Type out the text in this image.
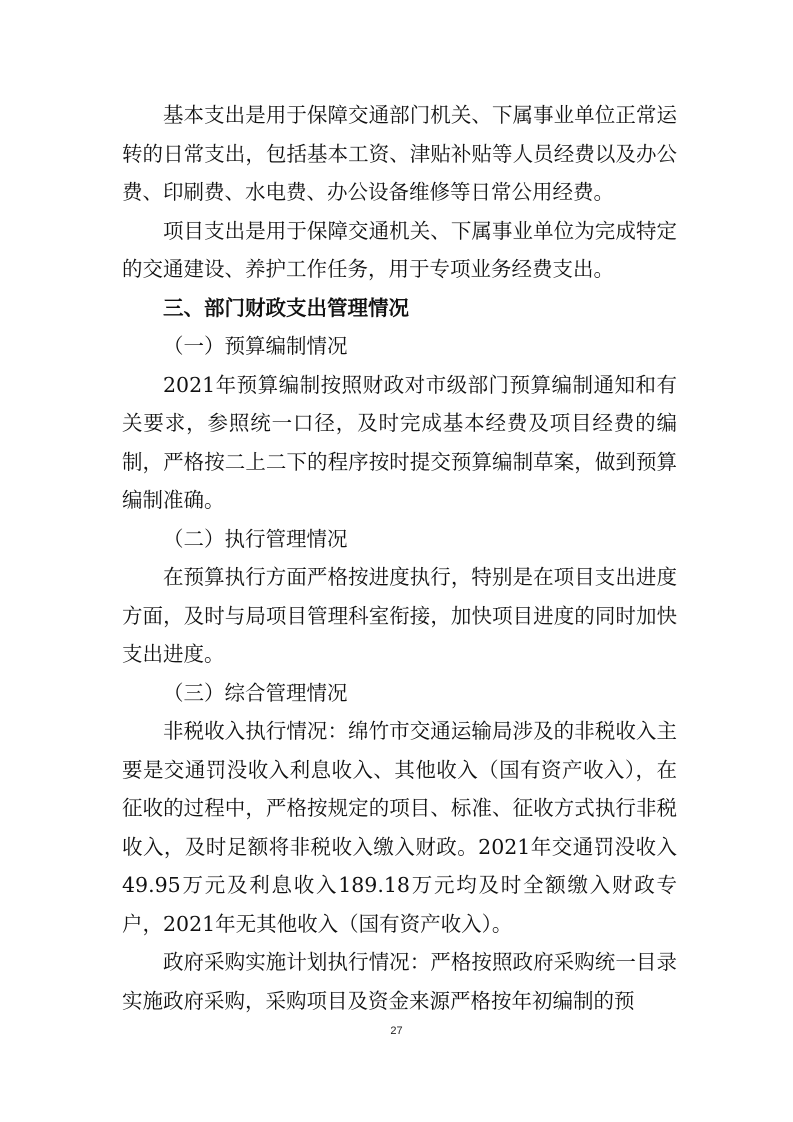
基本支出是用于保障交通部门机关、下属事业单位正常运转的日常支出，包括基本工资、津贴补贴等人员经费以及办公费、印刷费、水电费、办公设备维修等日常公用经费。

项目支出是用于保障交通机关、下属事业单位为完成特定的交通建设、养护工作任务，用于专项业务经费支出。

三、部门财政支出管理情况

（一）预算编制情况

2021年预算编制按照财政对市级部门预算编制通知和有关要求，参照统一口径，及时完成基本经费及项目经费的编制，严格按二上二下的程序按时提交预算编制草案，做到预算编制准确。

（二）执行管理情况

在预算执行方面严格按进度执行，特别是在项目支出进度方面，及时与局项目管理科室衔接，加快项目进度的同时加快支出进度。

（三）综合管理情况

非税收入执行情况：绵竹市交通运输局涉及的非税收入主要是交通罚没收入利息收入、其他收入（国有资产收入），在征收的过程中，严格按规定的项目、标准、征收方式执行非税收入，及时足额将非税收入缴入财政。2021年交通罚没收入49.95万元及利息收入189.18万元均及时全额缴入财政专户，2021年无其他收入（国有资产收入）。

政府采购实施计划执行情况：严格按照政府采购统一目录实施政府采购，采购项目及资金来源严格按年初编制的预

27
